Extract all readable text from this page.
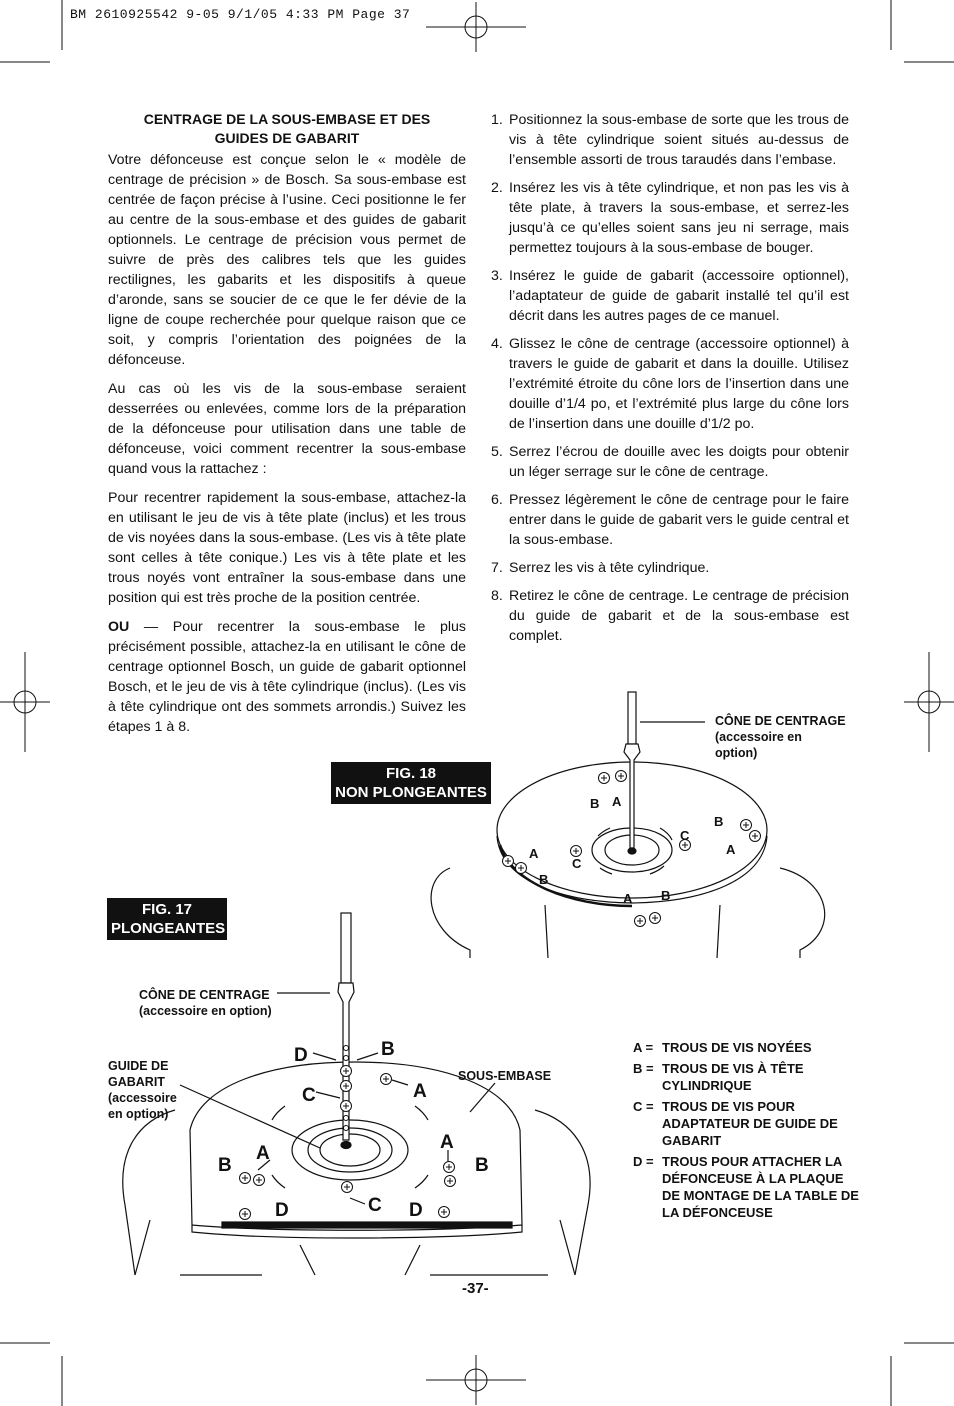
BM 2610925542 9-05 9/1/05 4:33 PM Page 37
CENTRAGE DE LA SOUS-EMBASE ET DES
GUIDES DE GABARIT

Votre défonceuse est conçue selon le « modèle de centrage de précision » de Bosch. Sa sous-embase est centrée de façon précise à l’usine. Ceci positionne le fer au centre de la sous-embase et des guides de gabarit optionnels. Le centrage de précision vous permet de suivre de près des calibres tels que les guides rectilignes, les gabarits et les dispositifs à queue d’aronde, sans se soucier de ce que le fer dévie de la ligne de coupe recherchée pour quelque raison que ce soit, y compris l’orientation des poignées de la défonceuse.

Au cas où les vis de la sous-embase seraient desserrées ou enlevées, comme lors de la préparation de la défonceuse pour utilisation dans une table de défonceuse, voici comment recentrer la sous-embase quand vous la rattachez :

Pour recentrer rapidement la sous-embase, attachez-la en utilisant le jeu de vis à tête plate (inclus) et les trous de vis noyées dans la sous-embase. (Les vis à tête plate sont celles à tête conique.) Les vis à tête plate et les trous noyés vont entraîner la sous-embase dans une position qui est très proche de la position centrée.

OU — Pour recentrer la sous-embase le plus précisément possible, attachez-la en utilisant le cône de centrage optionnel Bosch, un guide de gabarit optionnel Bosch, et le jeu de vis à tête cylindrique (inclus). (Les vis à tête cylindrique ont des sommets arrondis.) Suivez les étapes 1 à 8.

1. Positionnez la sous-embase de sorte que les trous de vis à tête cylindrique soient situés au-dessus de l’ensemble assorti de trous taraudés dans l’embase.
2. Insérez les vis à tête cylindrique, et non pas les vis à tête plate, à travers la sous-embase, et serrez-les jusqu’à ce qu’elles soient sans jeu ni serrage, mais permettez toujours à la sous-embase de bouger.
3. Insérez le guide de gabarit (accessoire optionnel), l’adaptateur de guide de gabarit installé tel qu’il est décrit dans les autres pages de ce manuel.
4. Glissez le cône de centrage (accessoire optionnel) à travers le guide de gabarit et dans la douille. Utilisez l’extrémité étroite du cône lors de l’insertion dans une douille d’1/4 po, et l’extrémité plus large du cône lors de l’insertion dans une douille d’1/2 po.
5. Serrez l’écrou de douille avec les doigts pour obtenir un léger serrage sur le cône de centrage.
6. Pressez légèrement le cône de centrage pour le faire entrer dans le guide de gabarit vers le guide central et la sous-embase.
7. Serrez les vis à tête cylindrique.
8. Retirez le cône de centrage. Le centrage de précision du guide de gabarit et de la sous-embase est complet.
B A
B
C
A
A
C
B
A B
D	B
C	A
B
A
A
B
D	C D
FIG. 18
NON PLONGEANTES
FIG. 17
PLONGEANTES
CÔNE DE CENTRAGE
(accessoire en
option)
CÔNE DE CENTRAGE
(accessoire en option)
GUIDE DE
GABARIT
(accessoire
en option)
SOUS-EMBASE
A = TROUS DE VIS NOYÉES
B = TROUS DE VIS À TÊTE CYLINDRIQUE
C = TROUS DE VIS POUR ADAPTATEUR DE GUIDE DE GABARIT
D = TROUS POUR ATTACHER LA DÉFONCEUSE À LA PLAQUE DE MONTAGE DE LA TABLE DE LA DÉFONCEUSE
-37-
